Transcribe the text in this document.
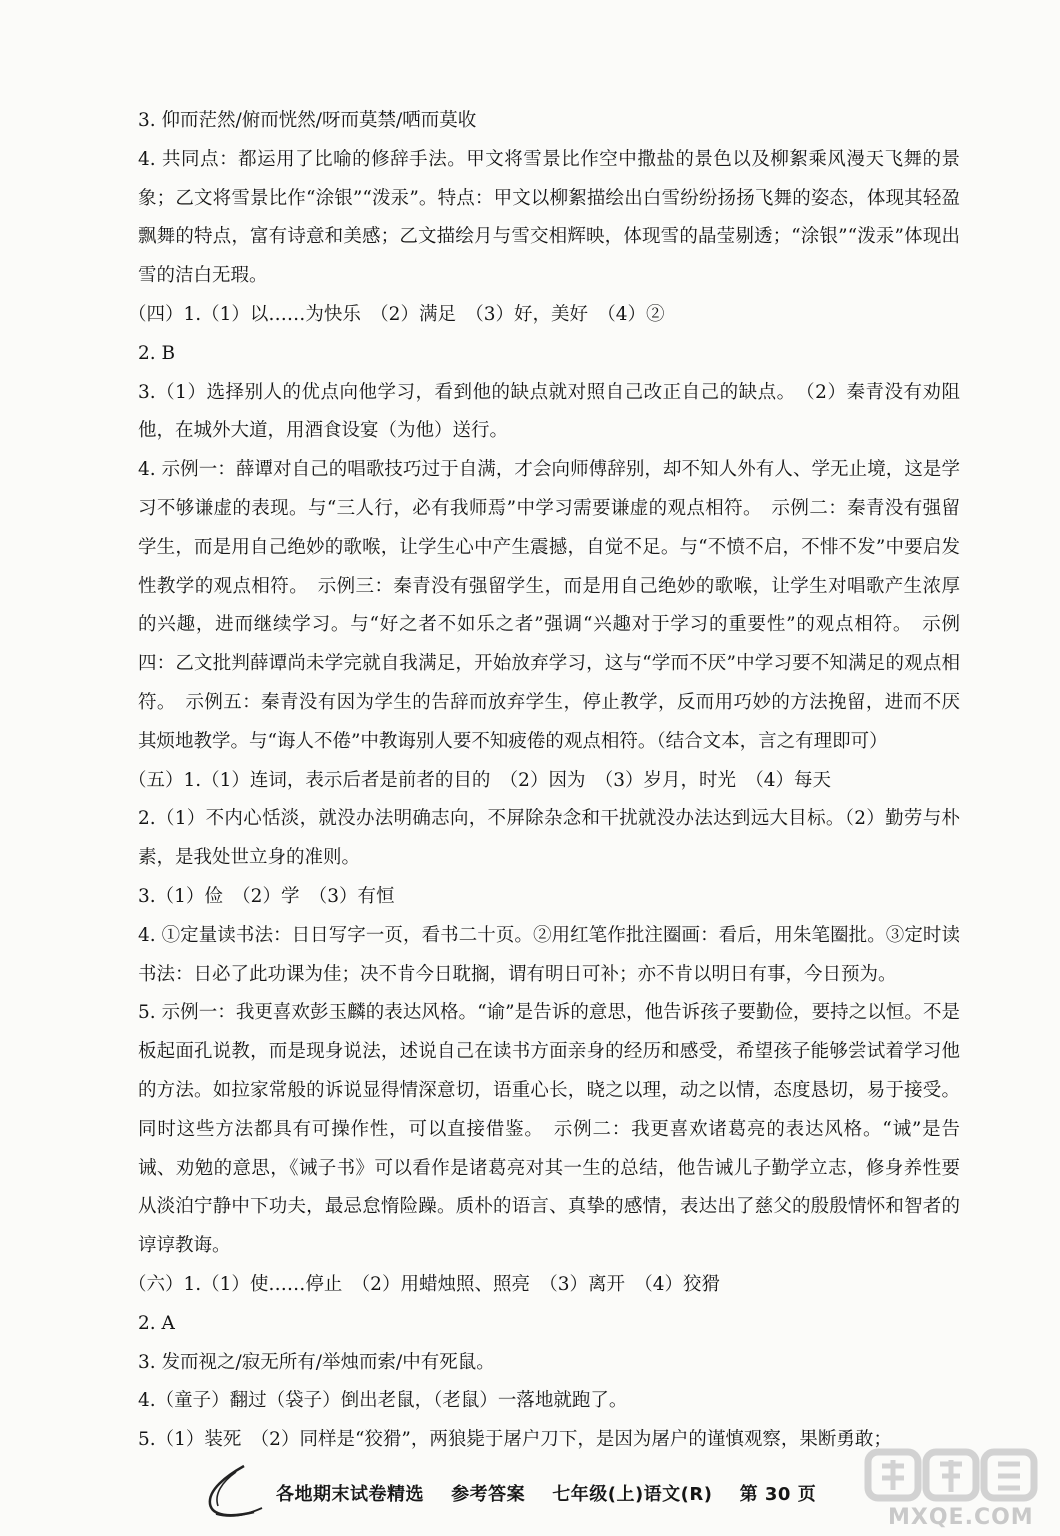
3. 仰而茫然/俯而恍然/呀而莫禁/哂而莫收

4. 共同点：都运用了比喻的修辞手法。甲文将雪景比作空中撒盐的景色以及柳絮乘风漫天飞舞的景象；乙文将雪景比作“涂银”“泼汞”。特点：甲文以柳絮描绘出白雪纷纷扬扬飞舞的姿态，体现其轻盈飘舞的特点，富有诗意和美感；乙文描绘月与雪交相辉映，体现雪的晶莹剔透；“涂银”“泼汞”体现出雪的洁白无瑕。

（四）1.（1）以……为快乐　（2）满足　（3）好，美好　（4）②

2. B

3.（1）选择别人的优点向他学习，看到他的缺点就对照自己改正自己的缺点。　（2）秦青没有劝阻他，在城外大道，用酒食设宴（为他）送行。

4. 示例一：薛谭对自己的唱歌技巧过于自满，才会向师傅辞别，却不知人外有人、学无止境，这是学习不够谦虚的表现。与“三人行，必有我师焉”中学习需要谦虚的观点相符。　示例二：秦青没有强留学生，而是用自己绝妙的歌喉，让学生心中产生震撼，自觉不足。与“不愤不启，不悱不发”中要启发性教学的观点相符。　示例三：秦青没有强留学生，而是用自己绝妙的歌喉，让学生对唱歌产生浓厚的兴趣，进而继续学习。与“好之者不如乐之者”强调“兴趣对于学习的重要性”的观点相符。　示例四：乙文批判薛谭尚未学完就自我满足，开始放弃学习，这与“学而不厌”中学习要不知满足的观点相符。　示例五：秦青没有因为学生的告辞而放弃学生，停止教学，反而用巧妙的方法挽留，进而不厌其烦地教学。与“诲人不倦”中教诲别人要不知疲倦的观点相符。（结合文本，言之有理即可）

（五）1.（1）连词，表示后者是前者的目的　（2）因为　（3）岁月，时光　（4）每天

2.（1）不内心恬淡，就没办法明确志向，不屏除杂念和干扰就没办法达到远大目标。（2）勤劳与朴素，是我处世立身的准则。

3.（1）俭　（2）学　（3）有恒

4. ①定量读书法：日日写字一页，看书二十页。②用红笔作批注圈画：看后，用朱笔圈批。③定时读书法：日必了此功课为佳；决不肯今日耽搁，谓有明日可补；亦不肯以明日有事，今日预为。

5. 示例一：我更喜欢彭玉麟的表达风格。“谕”是告诉的意思，他告诉孩子要勤俭，要持之以恒。不是板起面孔说教，而是现身说法，述说自己在读书方面亲身的经历和感受，希望孩子能够尝试着学习他的方法。如拉家常般的诉说显得情深意切，语重心长，晓之以理，动之以情，态度恳切，易于接受。同时这些方法都具有可操作性，可以直接借鉴。　示例二：我更喜欢诸葛亮的表达风格。“诫”是告诫、劝勉的意思，《诫子书》可以看作是诸葛亮对其一生的总结，他告诫儿子勤学立志，修身养性要从淡泊宁静中下功夫，最忌怠惰险躁。质朴的语言、真挚的感情，表达出了慈父的殷殷情怀和智者的谆谆教诲。

（六）1.（1）使……停止　（2）用蜡烛照、照亮　（3）离开　（4）狡猾

2. A

3. 发而视之/寂无所有/举烛而索/中有死鼠。

4.（童子）翻过（袋子）倒出老鼠，（老鼠）一落地就跑了。

5.（1）装死　（2）同样是“狡猾”，两狼毙于屠户刀下，是因为屠户的谨慎观察，果断勇敢；

各地期末试卷精选 参考答案 七年级(上)语文(R) 第 30 页
MXQE.COM
